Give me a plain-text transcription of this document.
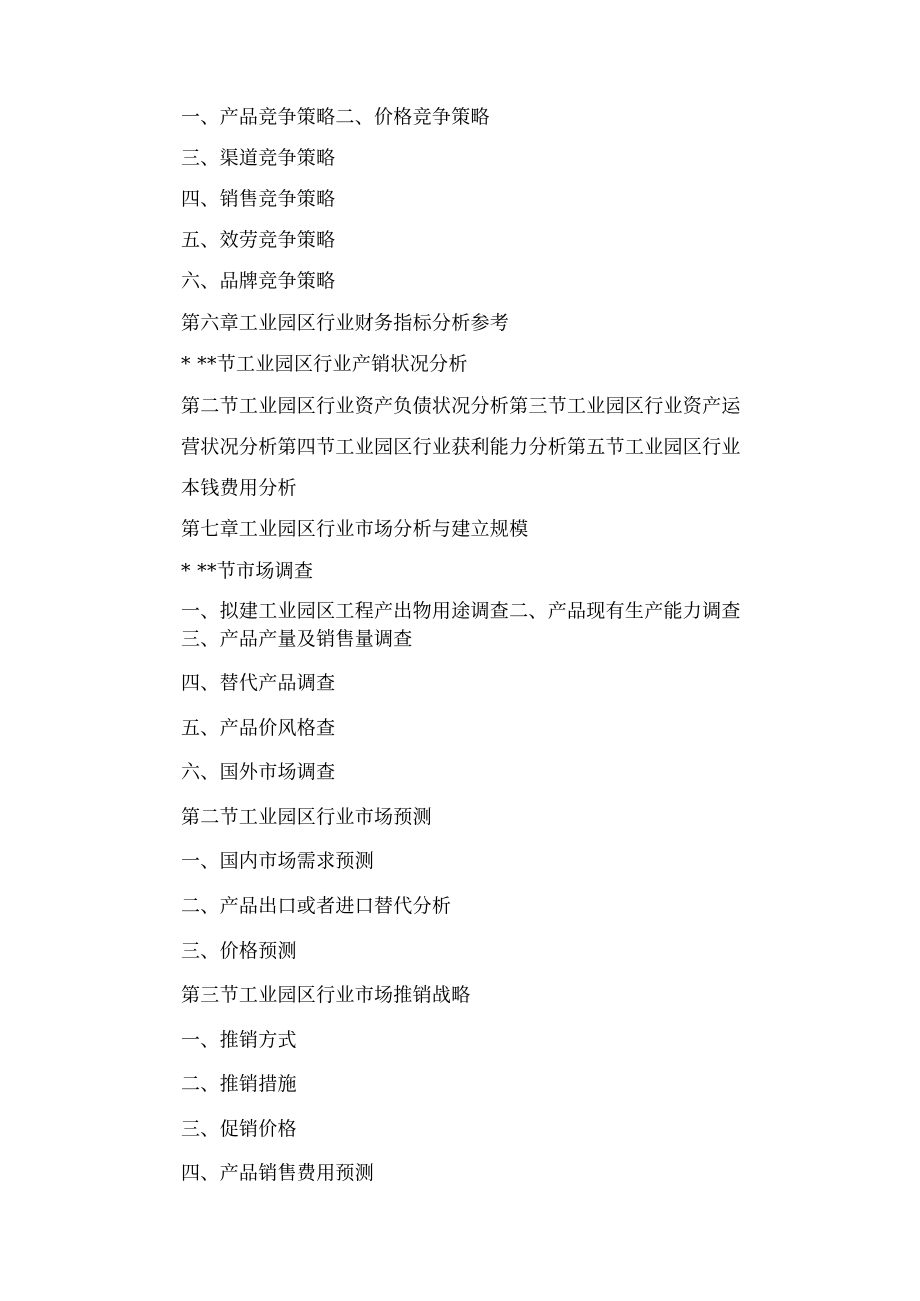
一、产品竞争策略二、价格竞争策略
三、渠道竞争策略
四、销售竞争策略
五、效劳竞争策略
六、品牌竞争策略
第六章工业园区行业财务指标分析参考
* **节工业园区行业产销状况分析
第二节工业园区行业资产负债状况分析第三节工业园区行业资产运
营状况分析第四节工业园区行业获利能力分析第五节工业园区行业
本钱费用分析
第七章工业园区行业市场分析与建立规模
* **节市场调查
一、拟建工业园区工程产出物用途调查二、产品现有生产能力调查
三、产品产量及销售量调查
四、替代产品调查
五、产品价风格查
六、国外市场调查
第二节工业园区行业市场预测
一、国内市场需求预测
二、产品出口或者进口替代分析
三、价格预测
第三节工业园区行业市场推销战略
一、推销方式
二、推销措施
三、促销价格
四、产品销售费用预测
